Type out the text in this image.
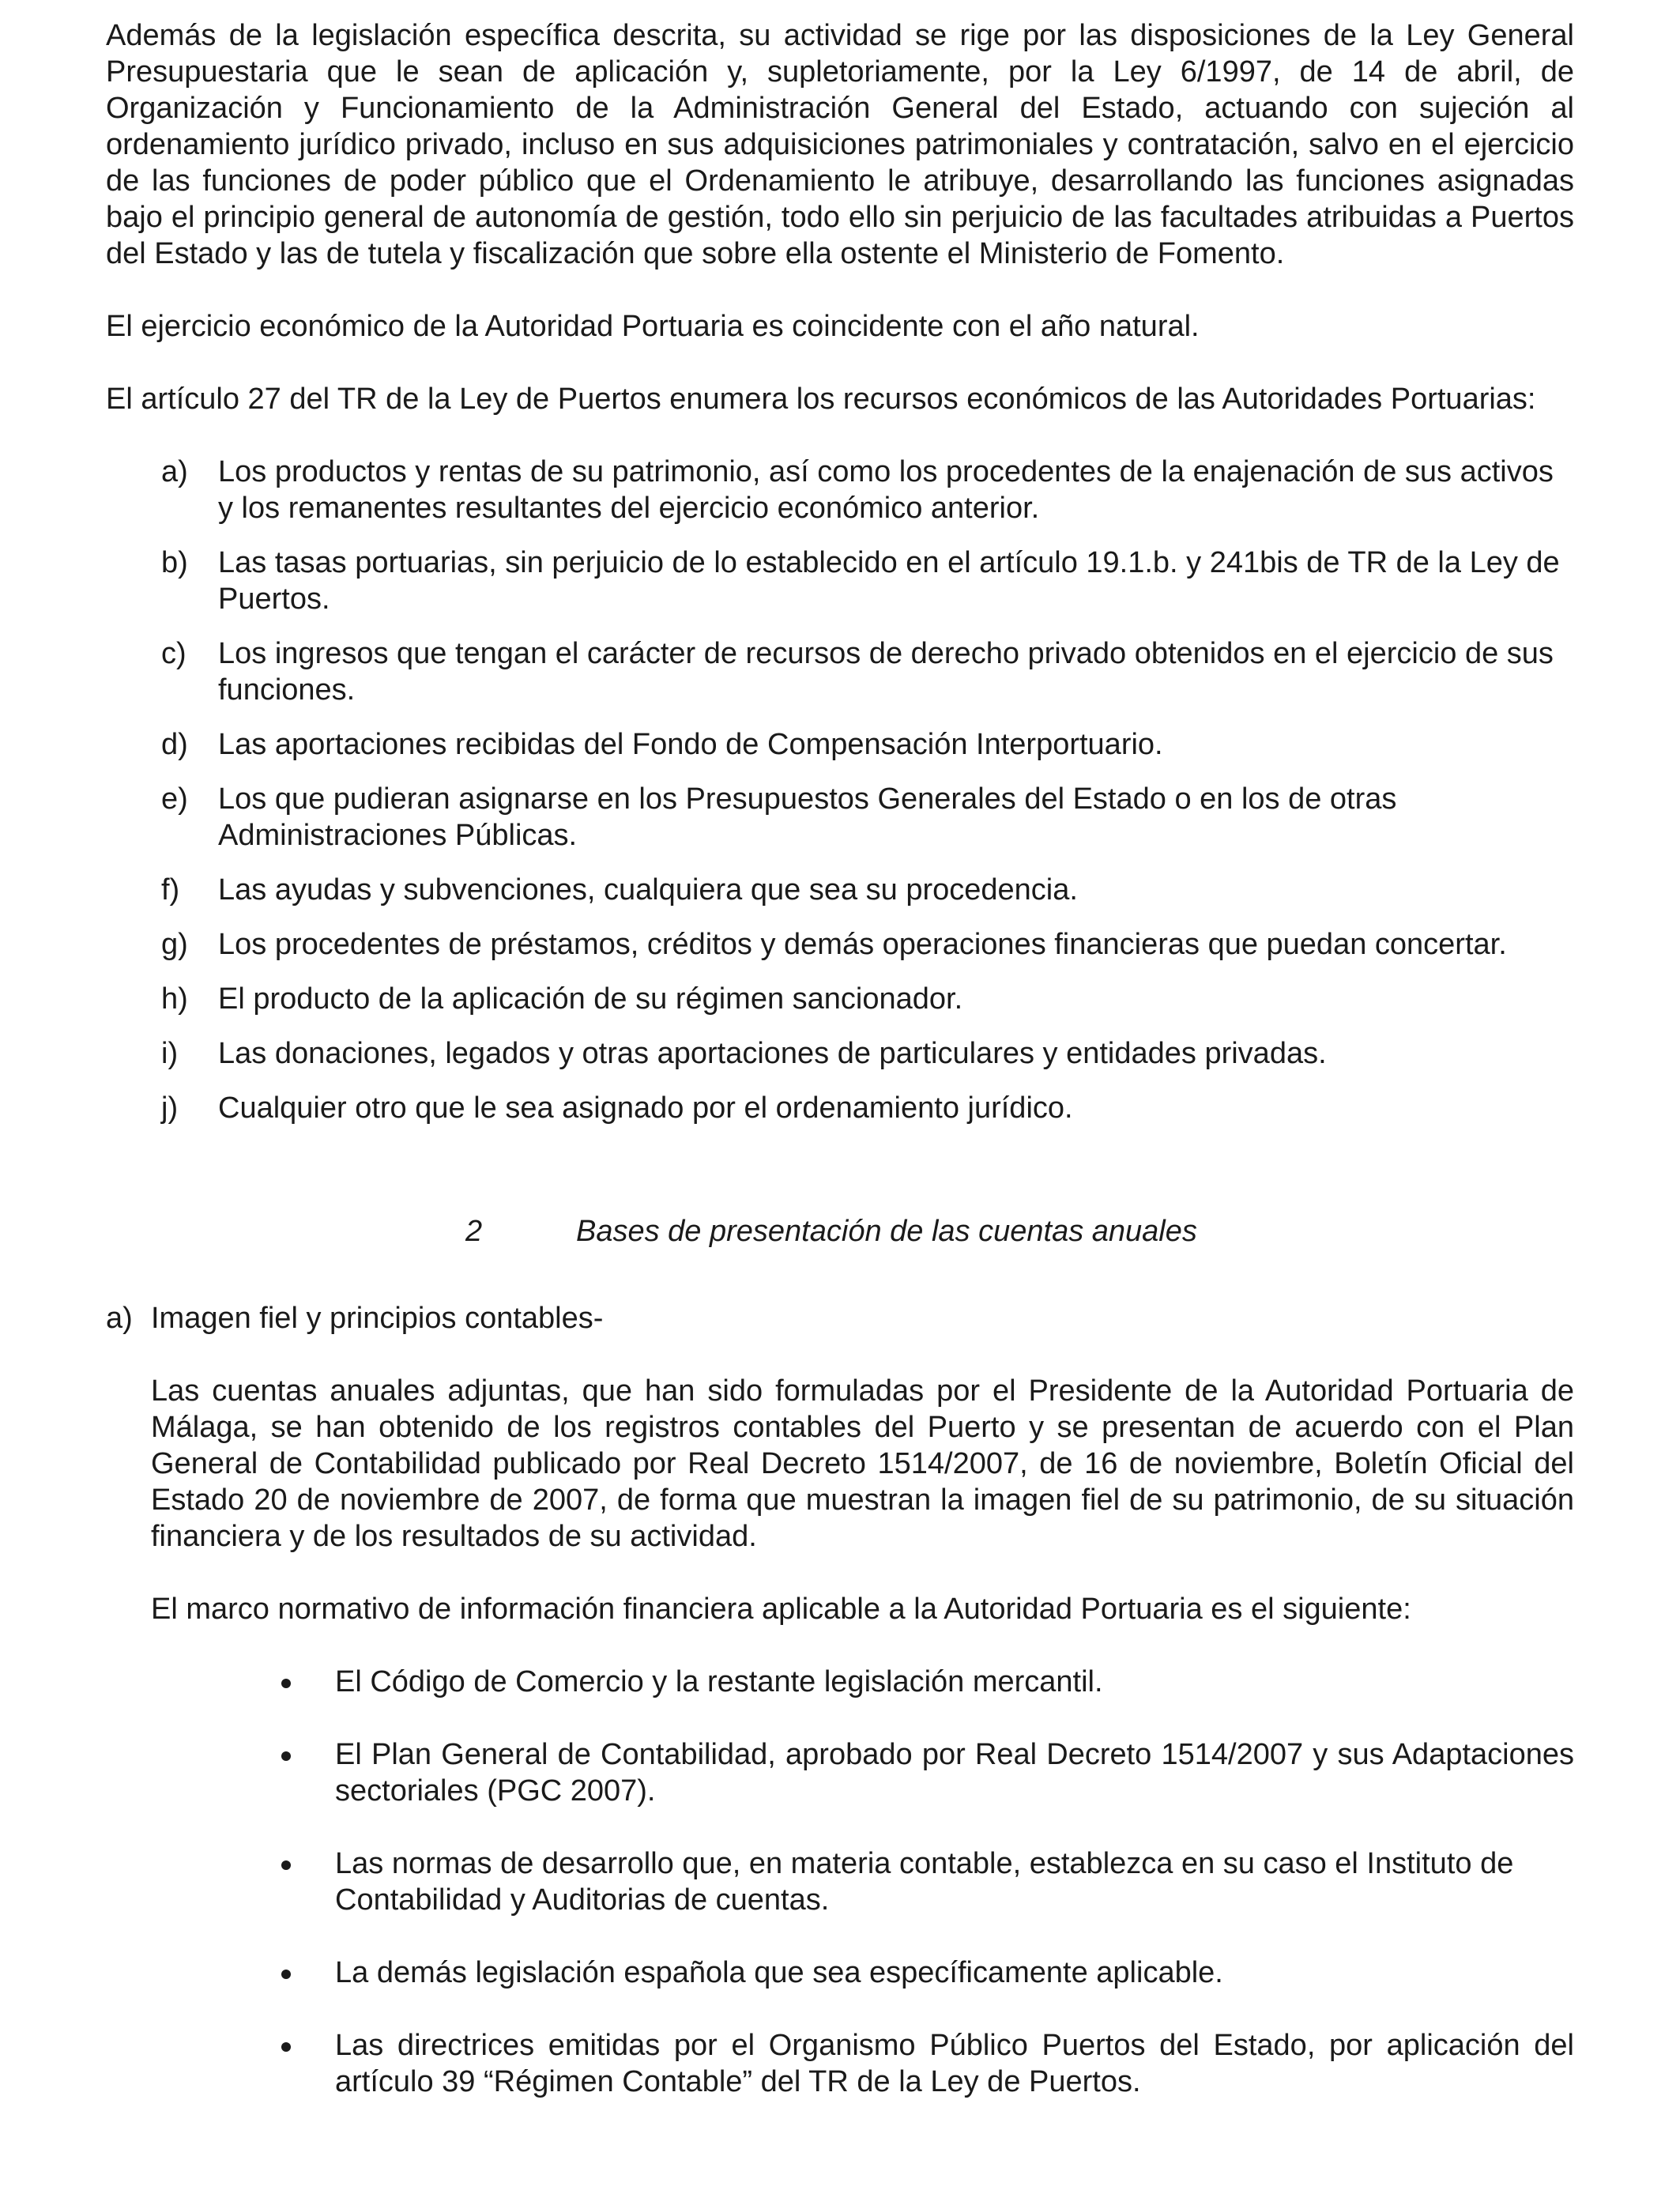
Además de la legislación específica descrita, su actividad se rige por las disposiciones de la Ley General Presupuestaria que le sean de aplicación y, supletoriamente, por la Ley 6/1997, de 14 de abril, de Organización y Funcionamiento de la Administración General del Estado, actuando con sujeción al ordenamiento jurídico privado, incluso en sus adquisiciones patrimoniales y contratación, salvo en el ejercicio de las funciones de poder público que el Ordenamiento le atribuye, desarrollando las funciones asignadas bajo el principio general de autonomía de gestión, todo ello sin perjuicio de las facultades atribuidas a Puertos del Estado y las de tutela y fiscalización que sobre ella ostente el Ministerio de Fomento.

El ejercicio económico de la Autoridad Portuaria es coincidente con el año natural.

El artículo 27 del TR de la Ley de Puertos enumera los recursos económicos de las Autoridades Portuarias:

a) Los productos y rentas de su patrimonio, así como los procedentes de la enajenación de sus activos y los remanentes resultantes del ejercicio económico anterior.
b) Las tasas portuarias, sin perjuicio de lo establecido en el artículo 19.1.b. y 241bis de TR de la Ley de Puertos.
c) Los ingresos que tengan el carácter de recursos de derecho privado obtenidos en el ejercicio de sus funciones.
d) Las aportaciones recibidas del Fondo de Compensación Interportuario.
e) Los que pudieran asignarse en los Presupuestos Generales del Estado o en los de otras Administraciones Públicas.
f) Las ayudas y subvenciones, cualquiera que sea su procedencia.
g) Los procedentes de préstamos, créditos y demás operaciones financieras que puedan concertar.
h) El producto de la aplicación de su régimen sancionador.
i) Las donaciones, legados y otras aportaciones de particulares y entidades privadas.
j) Cualquier otro que le sea asignado por el ordenamiento jurídico.
2	Bases de presentación de las cuentas anuales
a) Imagen fiel y principios contables-

Las cuentas anuales adjuntas, que han sido formuladas por el Presidente de la Autoridad Portuaria de Málaga, se han obtenido de los registros contables del Puerto y se presentan de acuerdo con el Plan General de Contabilidad publicado por Real Decreto 1514/2007, de 16 de noviembre, Boletín Oficial del Estado 20 de noviembre de 2007, de forma que muestran la imagen fiel de su patrimonio, de su situación financiera y de los resultados de su actividad.

El marco normativo de información financiera aplicable a la Autoridad Portuaria es el siguiente:

El Código de Comercio y la restante legislación mercantil.
El Plan General de Contabilidad, aprobado por Real Decreto 1514/2007 y sus Adaptaciones sectoriales (PGC 2007).
Las normas de desarrollo que, en materia contable, establezca en su caso el Instituto de Contabilidad y Auditorias de cuentas.
La demás legislación española que sea específicamente aplicable.
Las directrices emitidas por el Organismo Público Puertos del Estado, por aplicación del artículo 39 “Régimen Contable” del TR de la Ley de Puertos.
